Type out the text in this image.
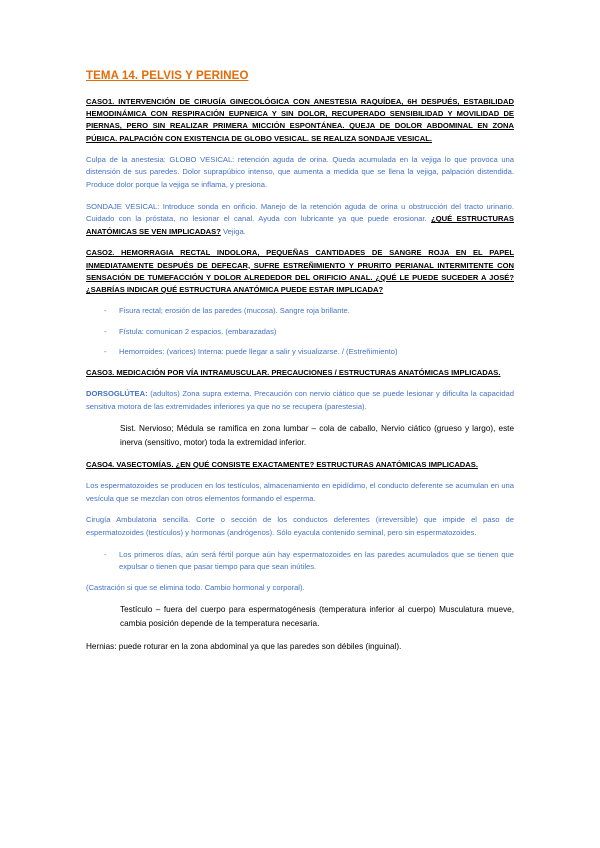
TEMA 14. PELVIS Y PERINEO

CASO1. INTERVENCIÓN DE CIRUGÍA GINECOLÓGICA CON ANESTESIA RAQUÍDEA, 6H DESPUÉS, ESTABILIDAD HEMODINÁMICA CON RESPIRACIÓN EUPNEICA Y SIN DOLOR, RECUPERADO SENSIBILIDAD Y MOVILIDAD DE PIERNAS, PERO SIN REALIZAR PRIMERA MICCIÓN ESPONTÁNEA. QUEJA DE DOLOR ABDOMINAL EN ZONA PÚBICA. PALPACIÓN CON EXISTENCIA DE GLOBO VESICAL. SE REALIZA SONDAJE VESICAL.

Culpa de la anestesia: GLOBO VESICAL: retención aguda de orina. Queda acumulada en la vejiga lo que provoca una distensión de sus paredes. Dolor suprapúbico intenso, que aumenta a medida que se llena la vejiga, palpación distendida. Produce dolor porque la vejiga se inflama, y presiona.

SONDAJE VESICAL: Introduce sonda en orificio. Manejo de la retención aguda de orina u obstrucción del tracto urinario. Cuidado con la próstata, no lesionar el canal. Ayuda con lubricante ya que puede erosionar. ¿QUÉ ESTRUCTURAS ANATÓMICAS SE VEN IMPLICADAS? Vejiga.

CASO2. HEMORRAGIA RECTAL INDOLORA, PEQUEÑAS CANTIDADES DE SANGRE ROJA EN EL PAPEL INMEDIATAMENTE DESPUÉS DE DEFECAR, SUFRE ESTREÑIMIENTO Y PRURITO PERIANAL INTERMITENTE CON SENSACIÓN DE TUMEFACCIÓN Y DOLOR ALREDEDOR DEL ORIFICIO ANAL. ¿QUÉ LE PUEDE SUCEDER A JOSÉ? ¿SABRÍAS INDICAR QUÉ ESTRUCTURA ANATÓMICA PUEDE ESTAR IMPLICADA?

- Fisura rectal; erosión de las paredes (mucosa). Sangre roja brillante.
- Fístula: comunican 2 espacios. (embarazadas)
- Hemorroides: (varices) Interna: puede llegar a salir y visualizarse. / (Estreñimiento)

CASO3. MEDICACIÓN POR VÍA INTRAMUSCULAR. PRECAUCIONES / ESTRUCTURAS ANATÓMICAS IMPLICADAS.

DORSOGLÚTEA: (adultos) Zona supra externa. Precaución con nervio ciático que se puede lesionar y dificulta la capacidad sensitiva motora de las extremidades inferiores ya que no se recupera (parestesia).

Sist. Nervioso; Médula se ramifica en zona lumbar – cola de caballo, Nervio ciático (grueso y largo), este inerva (sensitivo, motor) toda la extremidad inferior.

CASO4. VASECTOMÍAS. ¿EN QUÉ CONSISTE EXACTAMENTE? ESTRUCTURAS ANATÓMICAS IMPLICADAS.

Los espermatozoides se producen en los testículos, almacenamiento en epidídimo, el conducto deferente se acumulan en una vesícula que se mezclan con otros elementos formando el esperma.

Cirugía Ambulatoria sencilla. Corte o sección de los conductos deferentes (irreversible) que impide el paso de espermatozoides (testículos) y hormonas (andrógenos). Sólo eyacula contenido seminal, pero sin espermatozoides.

- Los primeros días, aún será fértil porque aún hay espermatozoides en las paredes acumulados que se tienen que expulsar o tienen que pasar tiempo para que sean inútiles.

(Castración si que se elimina todo. Cambio hormonal y corporal).

Testículo – fuera del cuerpo para espermatogénesis (temperatura inferior al cuerpo) Musculatura mueve, cambia posición depende de la temperatura necesaria.

Hernias: puede roturar en la zona abdominal ya que las paredes son débiles (inguinal).
